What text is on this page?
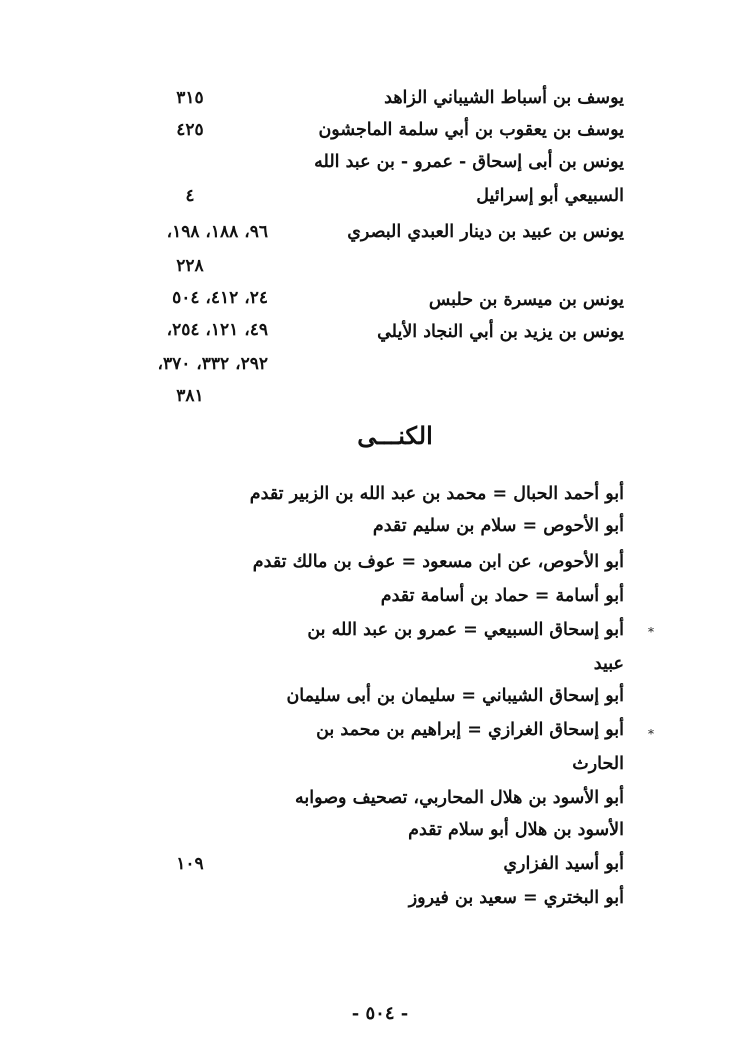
يوسف بن أسباط الشيباني الزاهد
يوسف بن يعقوب بن أبي سلمة الماجشون
يونس بن أبى إسحاق - عمرو - بن عبد الله
السبيعي أبو إسرائيل
يونس بن عبيد بن دينار العبدي البصري
يونس بن ميسرة بن حلبس
يونس بن يزيد بن أبي النجاد الأيلي
٣١٥
٤٢٥
٤
٩٦، ١٨٨، ١٩٨،
٢٢٨
٢٤، ٤١٢، ٥٠٤
٤٩، ١٢١، ٢٥٤،
٢٩٢، ٣٣٢، ٣٧٠،
٣٨١
الكنـــى
أبو أحمد الحبال = محمد بن عبد الله بن الزبير تقدم
أبو الأحوص = سلام بن سليم تقدم
أبو الأحوص، عن ابن مسعود = عوف بن مالك تقدم
أبو أسامة = حماد بن أسامة تقدم
*
أبو إسحاق السبيعي = عمرو بن عبد الله بن
عبيد
أبو إسحاق الشيباني = سليمان بن أبى سليمان
*
أبو إسحاق الغرازي = إبراهيم بن محمد بن
الحارث
أبو الأسود بن هلال المحاربي، تصحيف وصوابه
الأسود بن هلال أبو سلام تقدم
أبو أسيد الفزاري
١٠٩
أبو البختري = سعيد بن فيروز
- ٥٠٤ -
